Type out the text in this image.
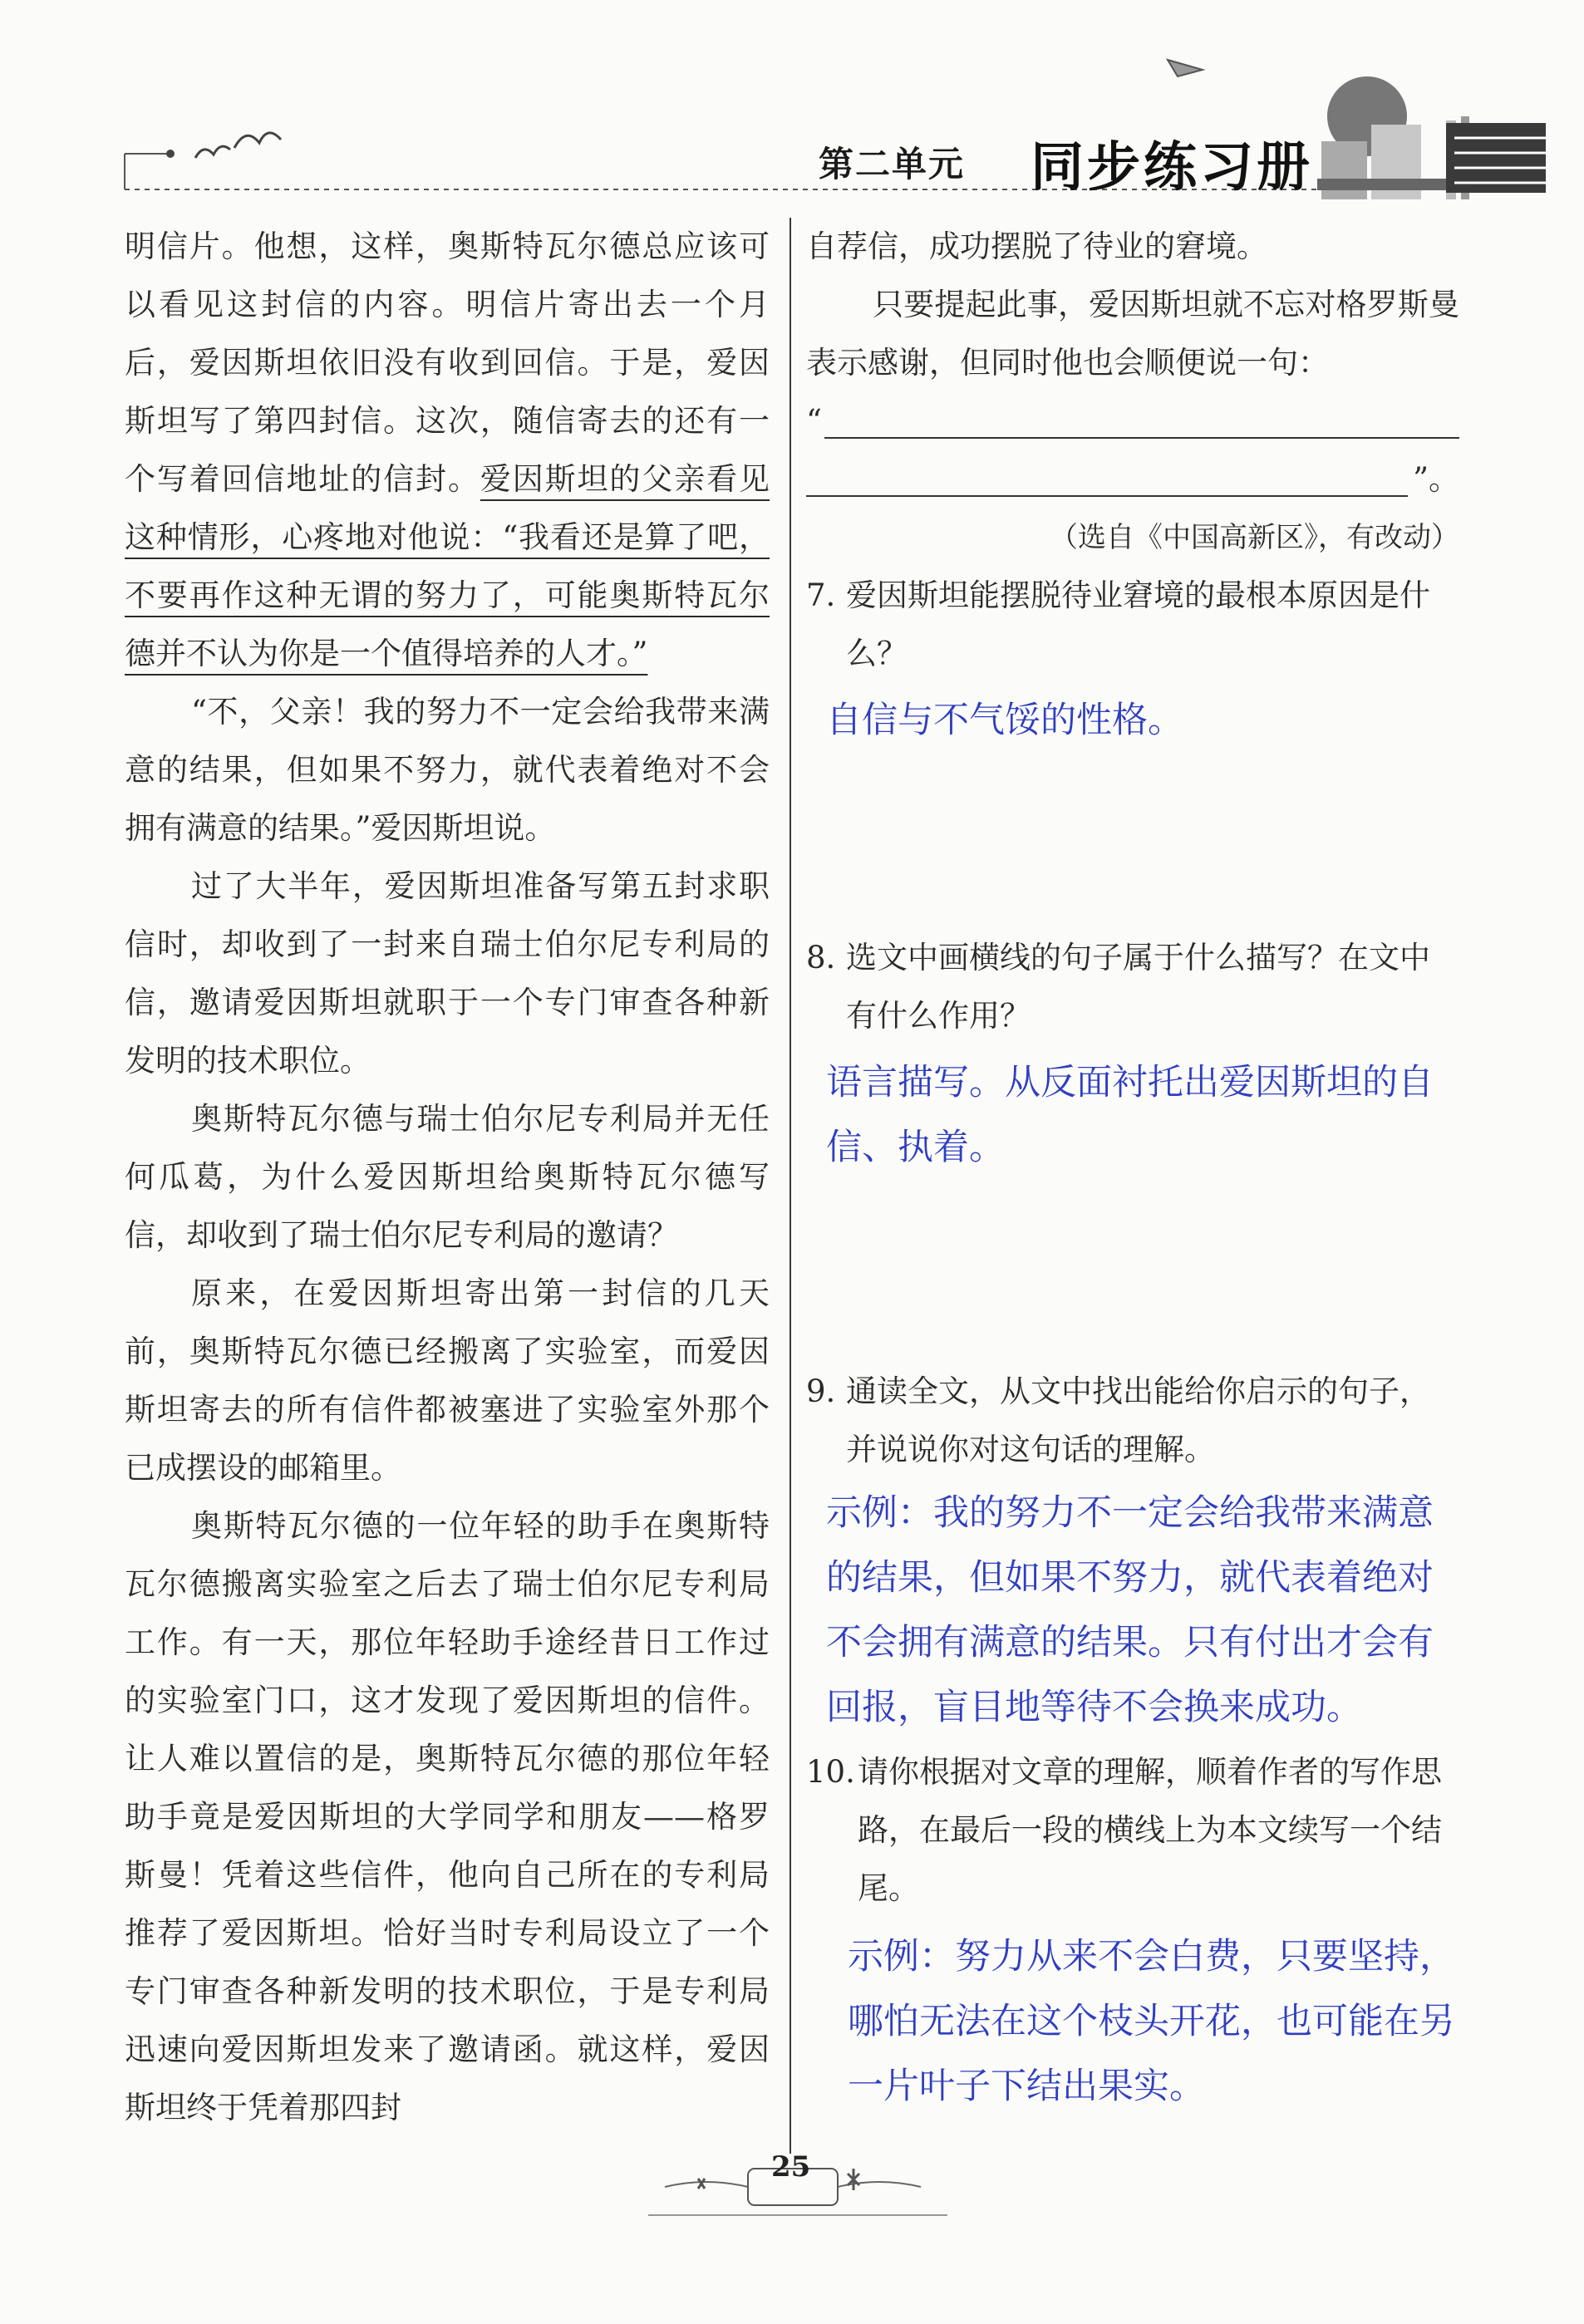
第二单元 同步练习册

明信片。他想，这样，奥斯特瓦尔德总应该可以看见这封信的内容。明信片寄出去一个月后，爱因斯坦依旧没有收到回信。于是，爱因斯坦写了第四封信。这次，随信寄去的还有一个写着回信地址的信封。爱因斯坦的父亲看见这种情形，心疼地对他说：“我看还是算了吧，不要再作这种无谓的努力了，可能奥斯特瓦尔德并不认为你是一个值得培养的人才。”

“不，父亲！我的努力不一定会给我带来满意的结果，但如果不努力，就代表着绝对不会拥有满意的结果。”爱因斯坦说。

过了大半年，爱因斯坦准备写第五封求职信时，却收到了一封来自瑞士伯尔尼专利局的信，邀请爱因斯坦就职于一个专门审查各种新发明的技术职位。

奥斯特瓦尔德与瑞士伯尔尼专利局并无任何瓜葛，为什么爱因斯坦给奥斯特瓦尔德写信，却收到了瑞士伯尔尼专利局的邀请？

原来，在爱因斯坦寄出第一封信的几天前，奥斯特瓦尔德已经搬离了实验室，而爱因斯坦寄去的所有信件都被塞进了实验室外那个已成摆设的邮箱里。

奥斯特瓦尔德的一位年轻的助手在奥斯特瓦尔德搬离实验室之后去了瑞士伯尔尼专利局工作。有一天，那位年轻助手途经昔日工作过的实验室门口，这才发现了爱因斯坦的信件。让人难以置信的是，奥斯特瓦尔德的那位年轻助手竟是爱因斯坦的大学同学和朋友——格罗斯曼！凭着这些信件，他向自己所在的专利局推荐了爱因斯坦。恰好当时专利局设立了一个专门审查各种新发明的技术职位，于是专利局迅速向爱因斯坦发来了邀请函。就这样，爱因斯坦终于凭着那四封

自荐信，成功摆脱了待业的窘境。

只要提起此事，爱因斯坦就不忘对格罗斯曼表示感谢，但同时他也会顺便说一句：

“
”。

（选自《中国高新区》，有改动）

7. 爱因斯坦能摆脱待业窘境的最根本原因是什么？
自信与不气馁的性格。
8. 选文中画横线的句子属于什么描写？在文中有什么作用？
语言描写。从反面衬托出爱因斯坦的自信、执着。
9. 通读全文，从文中找出能给你启示的句子，并说说你对这句话的理解。
示例：我的努力不一定会给我带来满意的结果，但如果不努力，就代表着绝对不会拥有满意的结果。只有付出才会有回报，盲目地等待不会换来成功。
10. 请你根据对文章的理解，顺着作者的写作思路，在最后一段的横线上为本文续写一个结尾。
示例：努力从来不会白费，只要坚持，哪怕无法在这个枝头开花，也可能在另一片叶子下结出果实。
25
